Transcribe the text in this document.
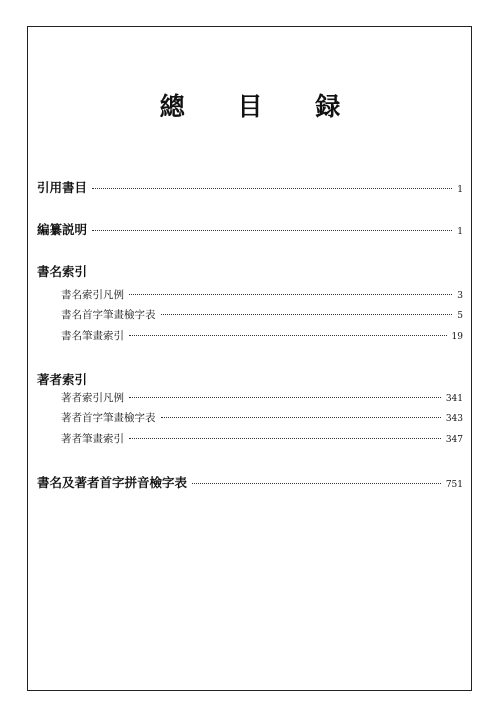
總 目 録
引用書目	1
編纂説明	1
書名索引
書名索引凡例	3
書名首字筆畫檢字表	5
書名筆畫索引	19
著者索引
著者索引凡例	341
著者首字筆畫檢字表	343
著者筆畫索引	347
書名及著者首字拼音檢字表	751
